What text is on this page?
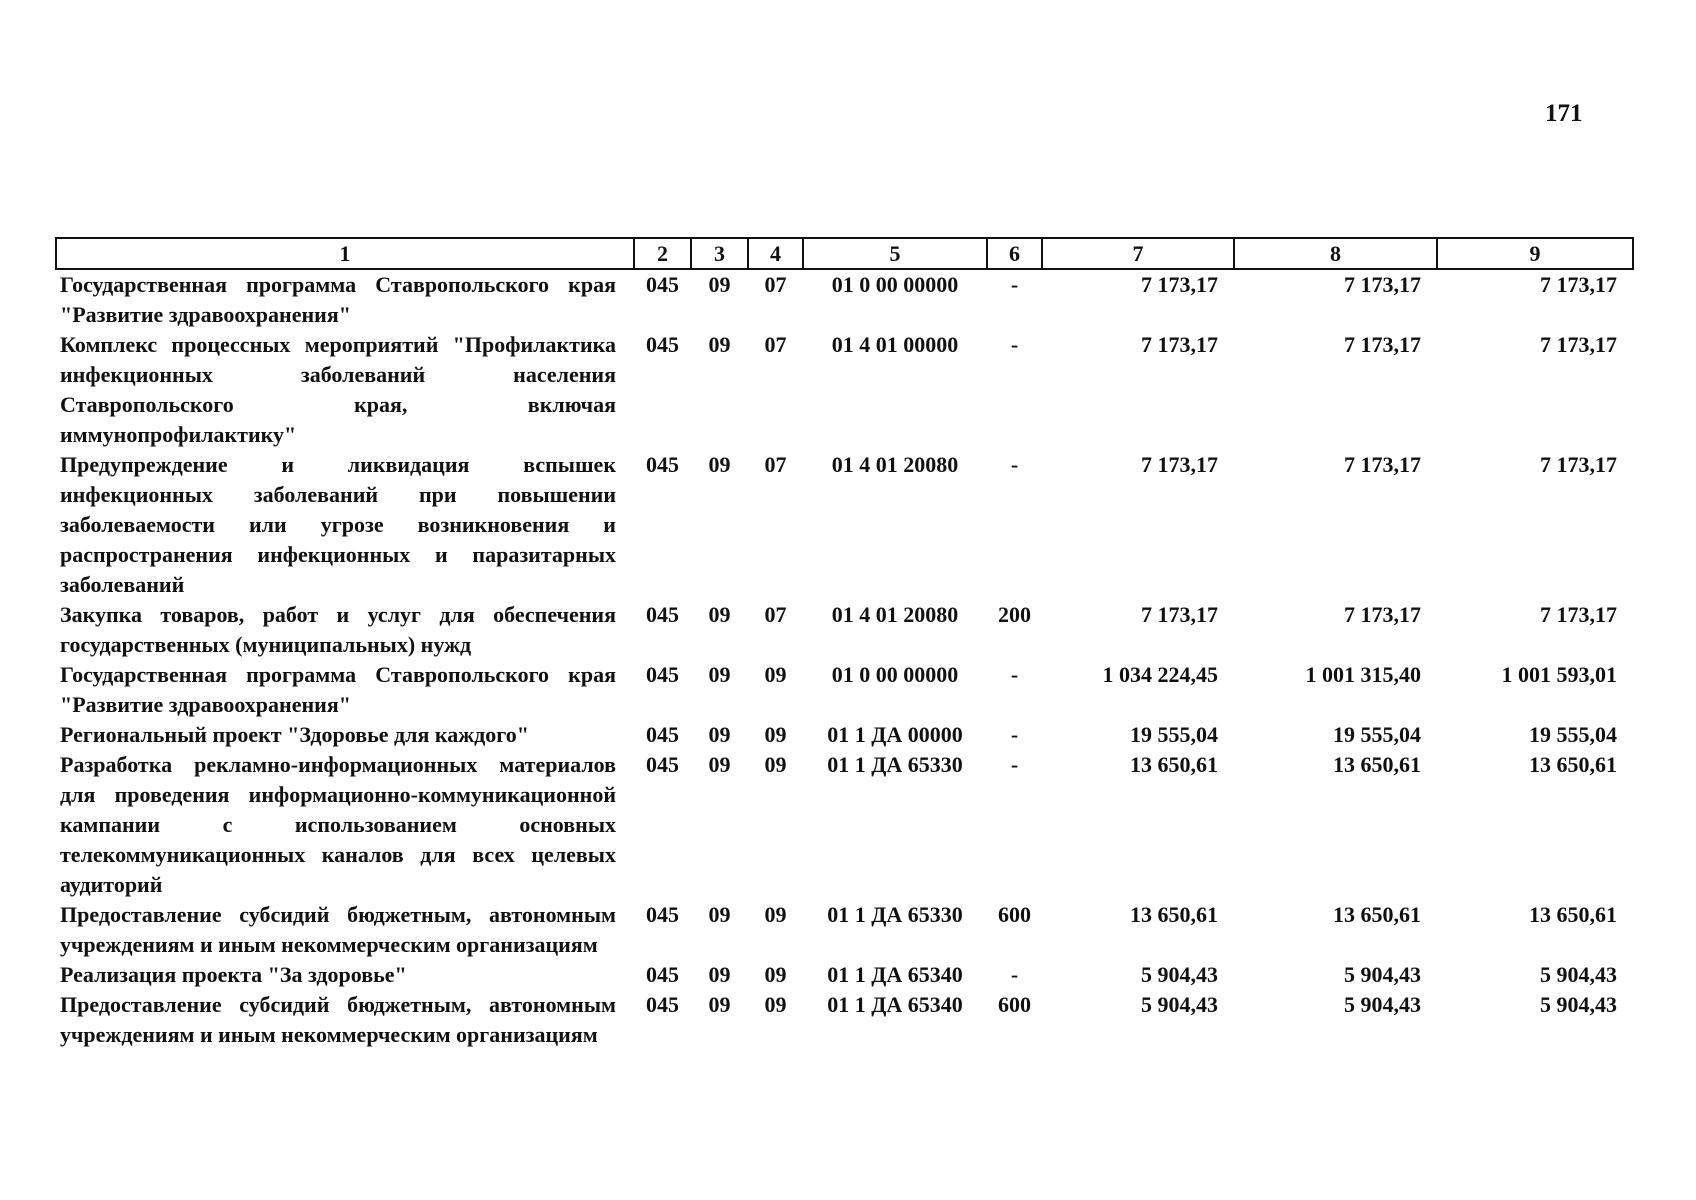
171
1	2	3	4	5	6	7	8	9
Государственная программа Ставропольского края "Развитие здравоохранения"	045	09	07	01 0 00 00000	-	7 173,17	7 173,17	7 173,17
Комплекс процессных мероприятий "Профилактика инфекционных заболеваний населения Ставропольского края, включая иммунопрофилактику"	045	09	07	01 4 01 00000	-	7 173,17	7 173,17	7 173,17
Предупреждение и ликвидация вспышек инфекционных заболеваний при повышении заболеваемости или угрозе возникновения и распространения инфекционных и паразитарных заболеваний	045	09	07	01 4 01 20080	-	7 173,17	7 173,17	7 173,17
Закупка товаров, работ и услуг для обеспечения государственных (муниципальных) нужд	045	09	07	01 4 01 20080	200	7 173,17	7 173,17	7 173,17
Государственная программа Ставропольского края "Развитие здравоохранения"	045	09	09	01 0 00 00000	-	1 034 224,45	1 001 315,40	1 001 593,01
Региональный проект "Здоровье для каждого"	045	09	09	01 1 ДА 00000	-	19 555,04	19 555,04	19 555,04
Разработка рекламно-информационных материалов для проведения информационно-коммуникационной кампании с использованием основных телекоммуникационных каналов для всех целевых аудиторий	045	09	09	01 1 ДА 65330	-	13 650,61	13 650,61	13 650,61
Предоставление субсидий бюджетным, автономным учреждениям и иным некоммерческим организациям	045	09	09	01 1 ДА 65330	600	13 650,61	13 650,61	13 650,61
Реализация проекта "За здоровье"	045	09	09	01 1 ДА 65340	-	5 904,43	5 904,43	5 904,43
Предоставление субсидий бюджетным, автономным учреждениям и иным некоммерческим организациям	045	09	09	01 1 ДА 65340	600	5 904,43	5 904,43	5 904,43
